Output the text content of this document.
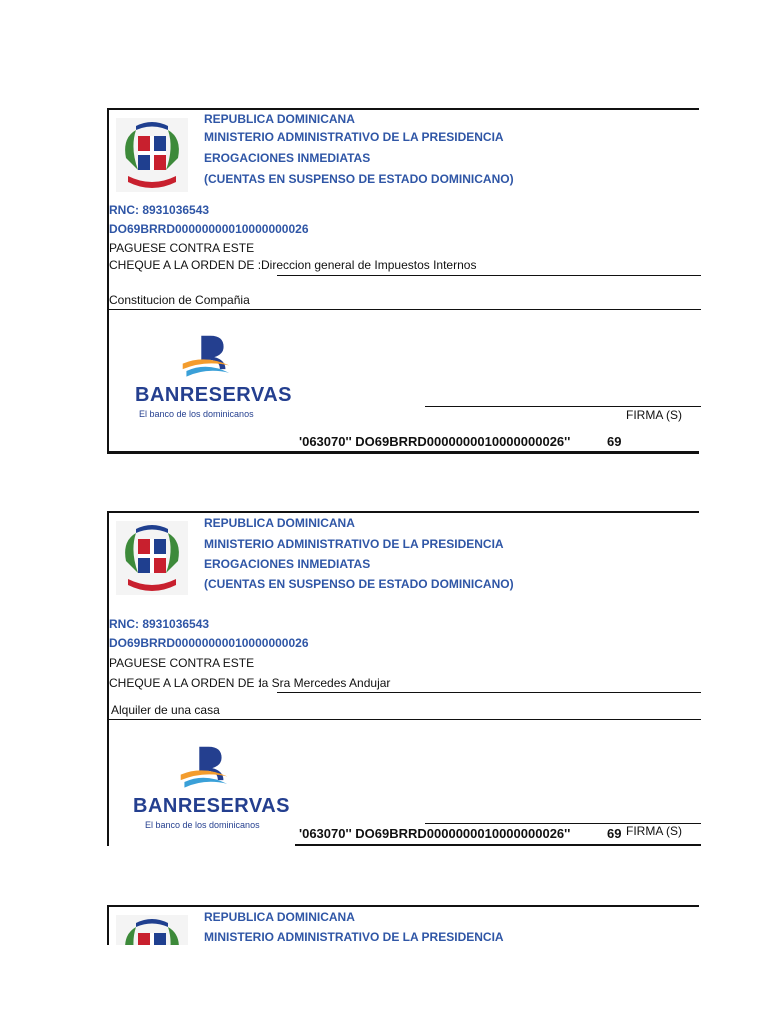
REPUBLICA DOMINICANA
MINISTERIO ADMINISTRATIVO DE LA PRESIDENCIA
EROGACIONES INMEDIATAS
(CUENTAS EN SUSPENSO DE ESTADO DOMINICANO)
RNC: 8931036543
DO69BRRD00000000010000000026
PAGUESE CONTRA ESTE
CHEQUE A LA ORDEN DE : Direccion general de Impuestos Internos
Constitucion de Compañia
BANRESERVAS
El banco de los dominicanos	FIRMA (S)
'063070'' DO69BRRD0000000010000000026''	69
REPUBLICA DOMINICANA
MINISTERIO ADMINISTRATIVO DE LA PRESIDENCIA
EROGACIONES INMEDIATAS
(CUENTAS EN SUSPENSO DE ESTADO DOMINICANO)
RNC: 8931036543
DO69BRRD00000000010000000026
PAGUESE CONTRA ESTE
CHEQUE A LA ORDEN DE :
la Sra Mercedes Andujar
Alquiler de una casa
BANRESERVAS
El banco de los dominicanos
'063070'' DO69BRRD0000000010000000026''	69 FIRMA (S)
REPUBLICA DOMINICANA
MINISTERIO ADMINISTRATIVO DE LA PRESIDENCIA
